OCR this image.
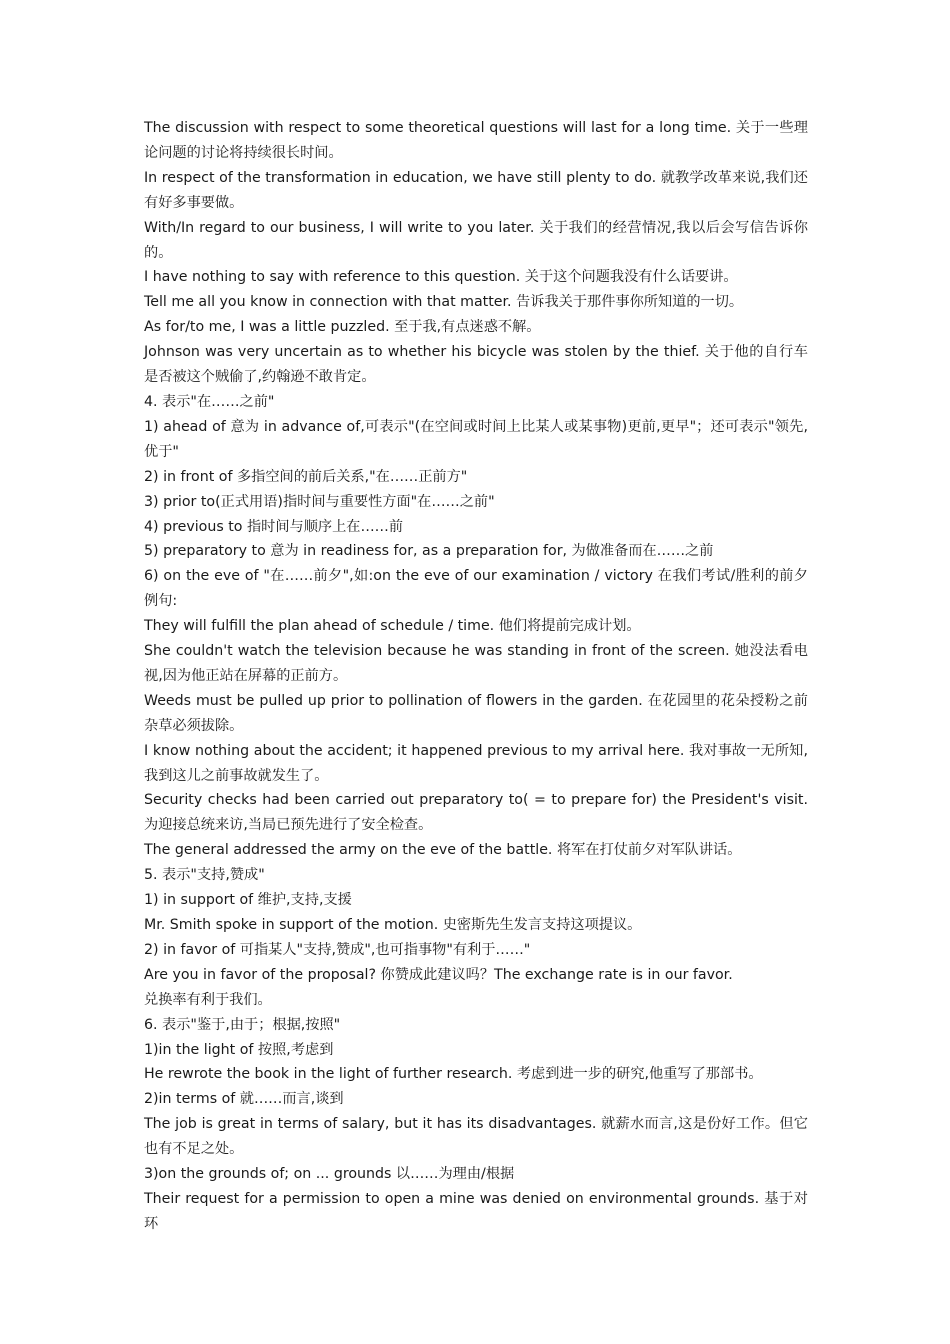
The discussion with respect to some theoretical questions will last for a long time. 关于一些理论问题的讨论将持续很长时间。

In respect of the transformation in education, we have still plenty to do. 就教学改革来说,我们还有好多事要做。

With/In regard to our business, I will write to you later. 关于我们的经营情况,我以后会写信告诉你的。

I have nothing to say with reference to this question. 关于这个问题我没有什么话要讲。

Tell me all you know in connection with that matter. 告诉我关于那件事你所知道的一切。

As for/to me, I was a little puzzled. 至于我,有点迷惑不解。

Johnson was very uncertain as to whether his bicycle was stolen by the thief. 关于他的自行车是否被这个贼偷了,约翰逊不敢肯定。

4. 表示"在……之前"

1) ahead of 意为 in advance of,可表示"(在空间或时间上比某人或某事物)更前,更早"；还可表示"领先,优于"

2) in front of 多指空间的前后关系,"在……正前方"

3) prior to(正式用语)指时间与重要性方面"在……之前"

4) previous to 指时间与顺序上在……前

5) preparatory to 意为 in readiness for, as a preparation for, 为做准备而在……之前

6) on the eve of "在……前夕",如:on the eve of our examination / victory 在我们考试/胜利的前夕例句:

They will fulfill the plan ahead of schedule / time. 他们将提前完成计划。

She couldn't watch the television because he was standing in front of the screen. 她没法看电视,因为他正站在屏幕的正前方。

Weeds must be pulled up prior to pollination of flowers in the garden. 在花园里的花朵授粉之前杂草必须拔除。

I know nothing about the accident; it happened previous to my arrival here. 我对事故一无所知,我到这儿之前事故就发生了。

Security checks had been carried out preparatory to( = to prepare for) the President's visit. 为迎接总统来访,当局已预先进行了安全检查。

The general addressed the army on the eve of the battle. 将军在打仗前夕对军队讲话。

5. 表示"支持,赞成"

1) in support of 维护,支持,支援

Mr. Smith spoke in support of the motion. 史密斯先生发言支持这项提议。

2) in favor of 可指某人"支持,赞成",也可指事物"有利于……"

Are you in favor of the proposal? 你赞成此建议吗？The exchange rate is in our favor.

兑换率有利于我们。

6. 表示"鉴于,由于；根据,按照"

1)in the light of 按照,考虑到

He rewrote the book in the light of further research. 考虑到进一步的研究,他重写了那部书。

2)in terms of 就……而言,谈到

The job is great in terms of salary, but it has its disadvantages. 就薪水而言,这是份好工作。但它也有不足之处。

3)on the grounds of; on ... grounds 以……为理由/根据

Their request for a permission to open a mine was denied on environmental grounds. 基于对环
